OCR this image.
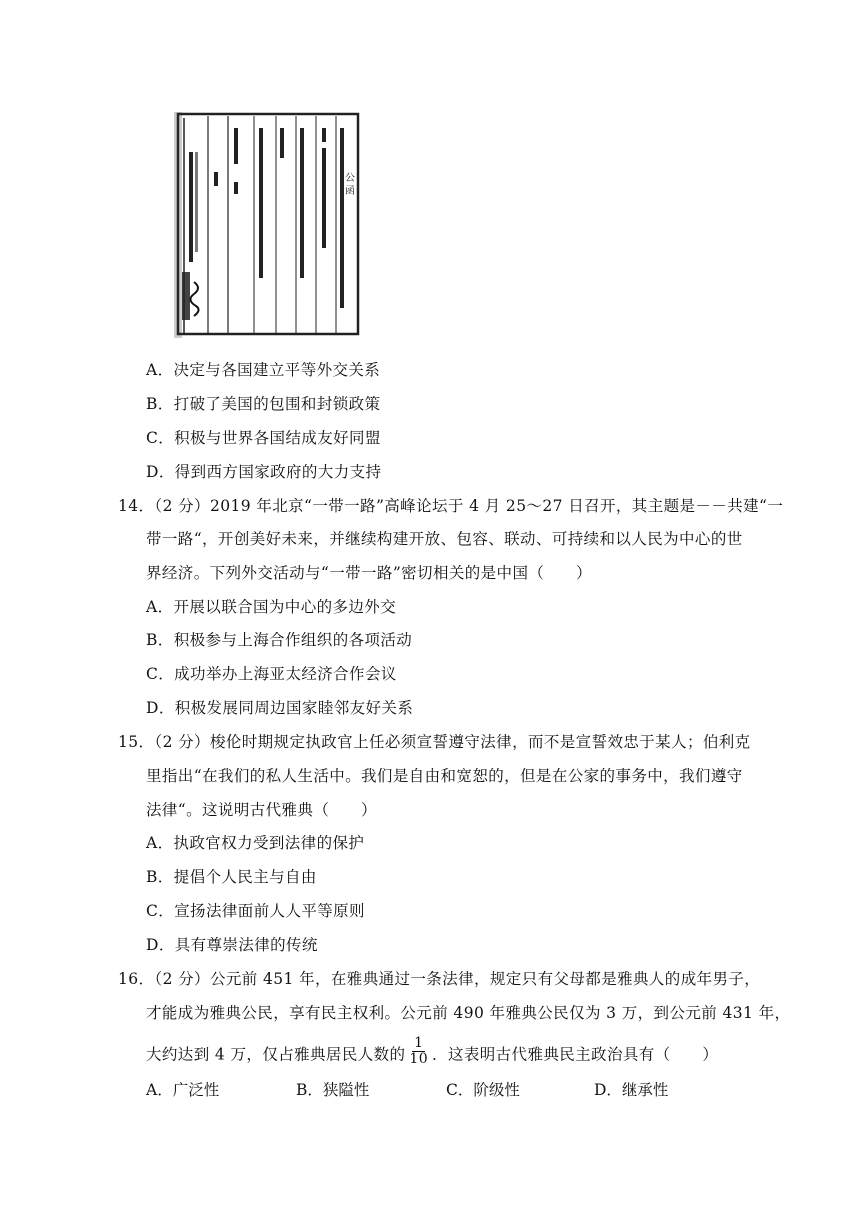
公 函
A．决定与各国建立平等外交关系
B．打破了美国的包围和封锁政策
C．积极与世界各国结成友好同盟
D．得到西方国家政府的大力支持
14．（2 分）2019 年北京“一带一路”高峰论坛于 4 月 25～27 日召开，其主题是－－共建“一
带一路“，开创美好未来，并继续构建开放、包容、联动、可持续和以人民为中心的世
界经济。下列外交活动与“一带一路”密切相关的是中国（　　）
A．开展以联合国为中心的多边外交
B．积极参与上海合作组织的各项活动
C．成功举办上海亚太经济合作会议
D．积极发展同周边国家睦邻友好关系
15．（2 分）梭伦时期规定执政官上任必须宣誓遵守法律，而不是宣誓效忠于某人；伯利克
里指出“在我们的私人生活中。我们是自由和宽恕的，但是在公家的事务中，我们遵守
法律“。这说明古代雅典（　　）
A．执政官权力受到法律的保护
B．提倡个人民主与自由
C．宣扬法律面前人人平等原则
D．具有尊崇法律的传统
16．（2 分）公元前 451 年，在雅典通过一条法律，规定只有父母都是雅典人的成年男子，
才能成为雅典公民，享有民主权利。公元前 490 年雅典公民仅为 3 万，到公元前 431 年，
大约达到 4 万，仅占雅典居民人数的 $\frac{1}{10}$ ．这表明古代雅典民主政治具有（　　）
A．广泛性	B．狭隘性	C．阶级性	D．继承性
